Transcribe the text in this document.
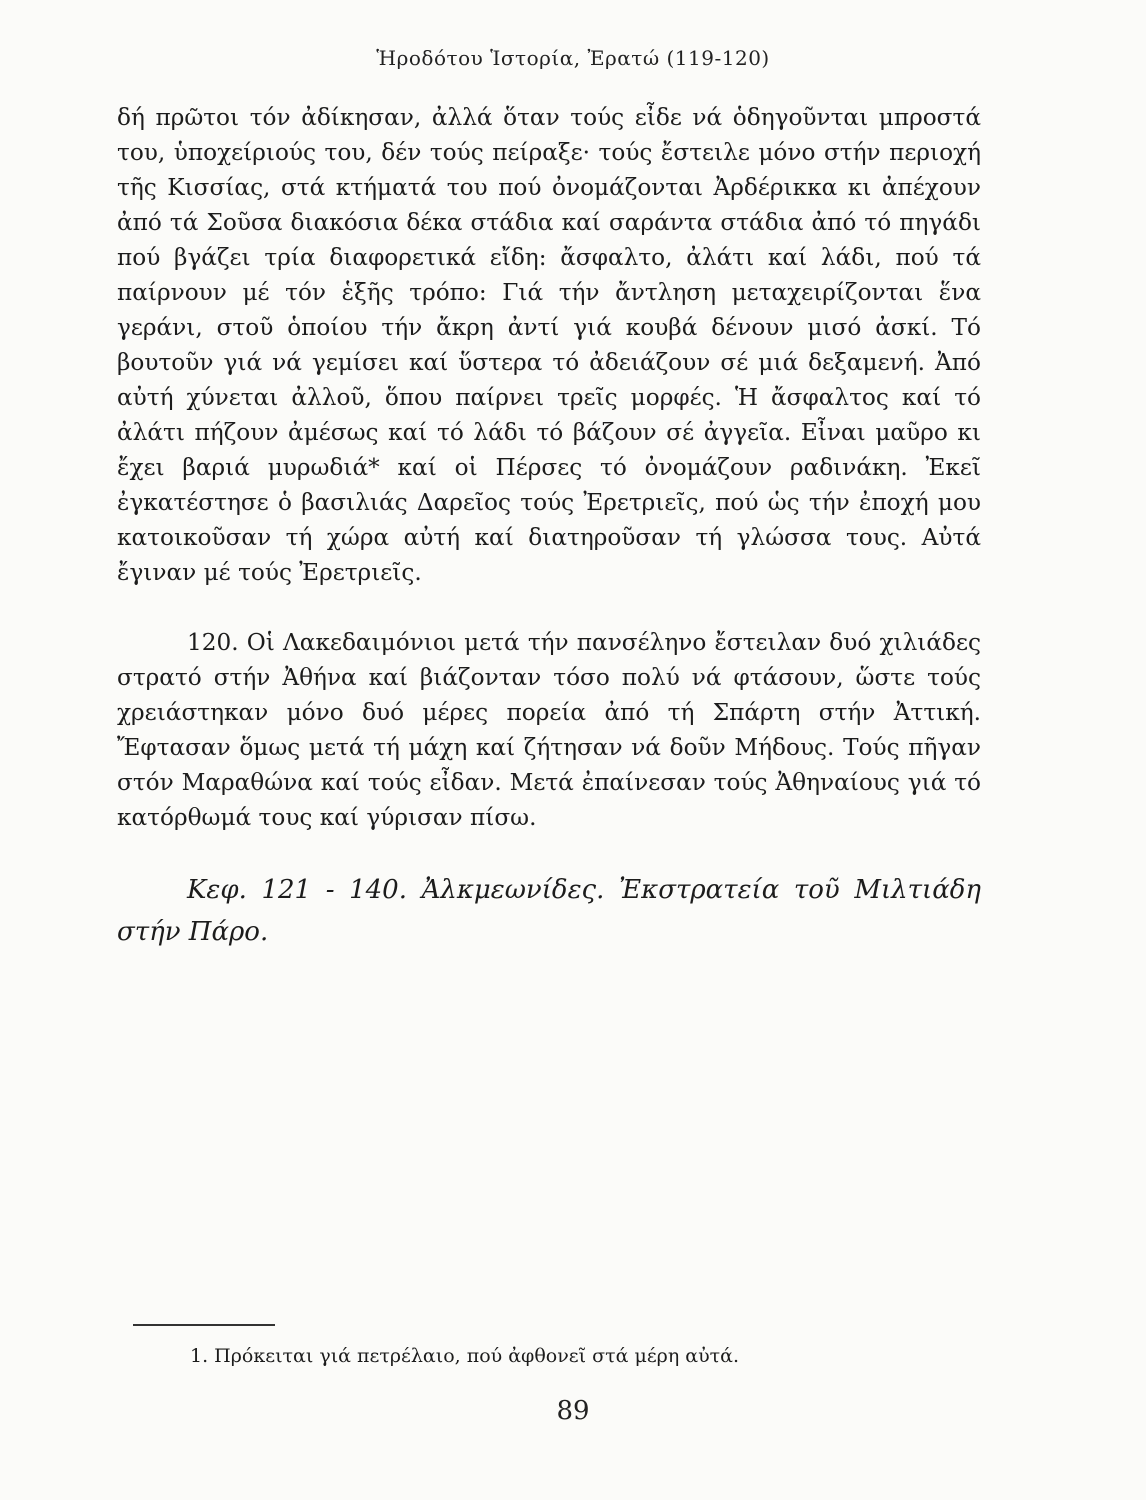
Ἡροδότου Ἱστορία, Ἐρατώ (119-120)

δή πρῶτοι τόν ἀδίκησαν, ἀλλά ὅταν τούς εἶδε νά ὁδηγοῦνται μπροστά του, ὑποχείριούς του, δέν τούς πείραξε· τούς ἔστειλε μόνο στήν περιοχή τῆς Κισσίας, στά κτήματά του πού ὀνομάζονται Ἀρδέρικκα κι ἀπέχουν ἀπό τά Σοῦσα διακόσια δέκα στάδια καί σαράντα στάδια ἀπό τό πηγάδι πού βγάζει τρία διαφορετικά εἴδη: ἄσφαλτο, ἀλάτι καί λάδι, πού τά παίρνουν μέ τόν ἑξῆς τρόπο: Γιά τήν ἄντληση μεταχειρίζονται ἕνα γεράνι, στοῦ ὁποίου τήν ἄκρη ἀντί γιά κουβά δένουν μισό ἀσκί. Τό βουτοῦν γιά νά γεμίσει καί ὕστερα τό ἀδειάζουν σέ μιά δεξαμενή. Ἀπό αὐτή χύνεται ἀλλοῦ, ὅπου παίρνει τρεῖς μορφές. Ἡ ἄσφαλτος καί τό ἀλάτι πήζουν ἀμέσως καί τό λάδι τό βάζουν σέ ἀγγεῖα. Εἶναι μαῦρο κι ἔχει βαριά μυρωδιά* καί οἱ Πέρσες τό ὀνομάζουν ραδινάκη. Ἐκεῖ ἐγκατέστησε ὁ βασιλιάς Δαρεῖος τούς Ἐρετριεῖς, πού ὡς τήν ἐποχή μου κατοικοῦσαν τή χώρα αὐτή καί διατηροῦσαν τή γλώσσα τους. Αὐτά ἔγιναν μέ τούς Ἐρετριεῖς.

120. Οἱ Λακεδαιμόνιοι μετά τήν πανσέληνο ἔστειλαν δυό χιλιάδες στρατό στήν Ἀθήνα καί βιάζονταν τόσο πολύ νά φτάσουν, ὥστε τούς χρειάστηκαν μόνο δυό μέρες πορεία ἀπό τή Σπάρτη στήν Ἀττική. Ἔφτασαν ὅμως μετά τή μάχη καί ζήτησαν νά δοῦν Μήδους. Τούς πῆγαν στόν Μαραθώνα καί τούς εἶδαν. Μετά ἐπαίνεσαν τούς Ἀθηναίους γιά τό κατόρθωμά τους καί γύρισαν πίσω.

Κεφ. 121 - 140. Ἀλκμεωνίδες. Ἐκστρατεία τοῦ Μιλτιάδη στήν Πάρο.

1. Πρόκειται γιά πετρέλαιο, πού ἀφθονεῖ στά μέρη αὐτά.
89
